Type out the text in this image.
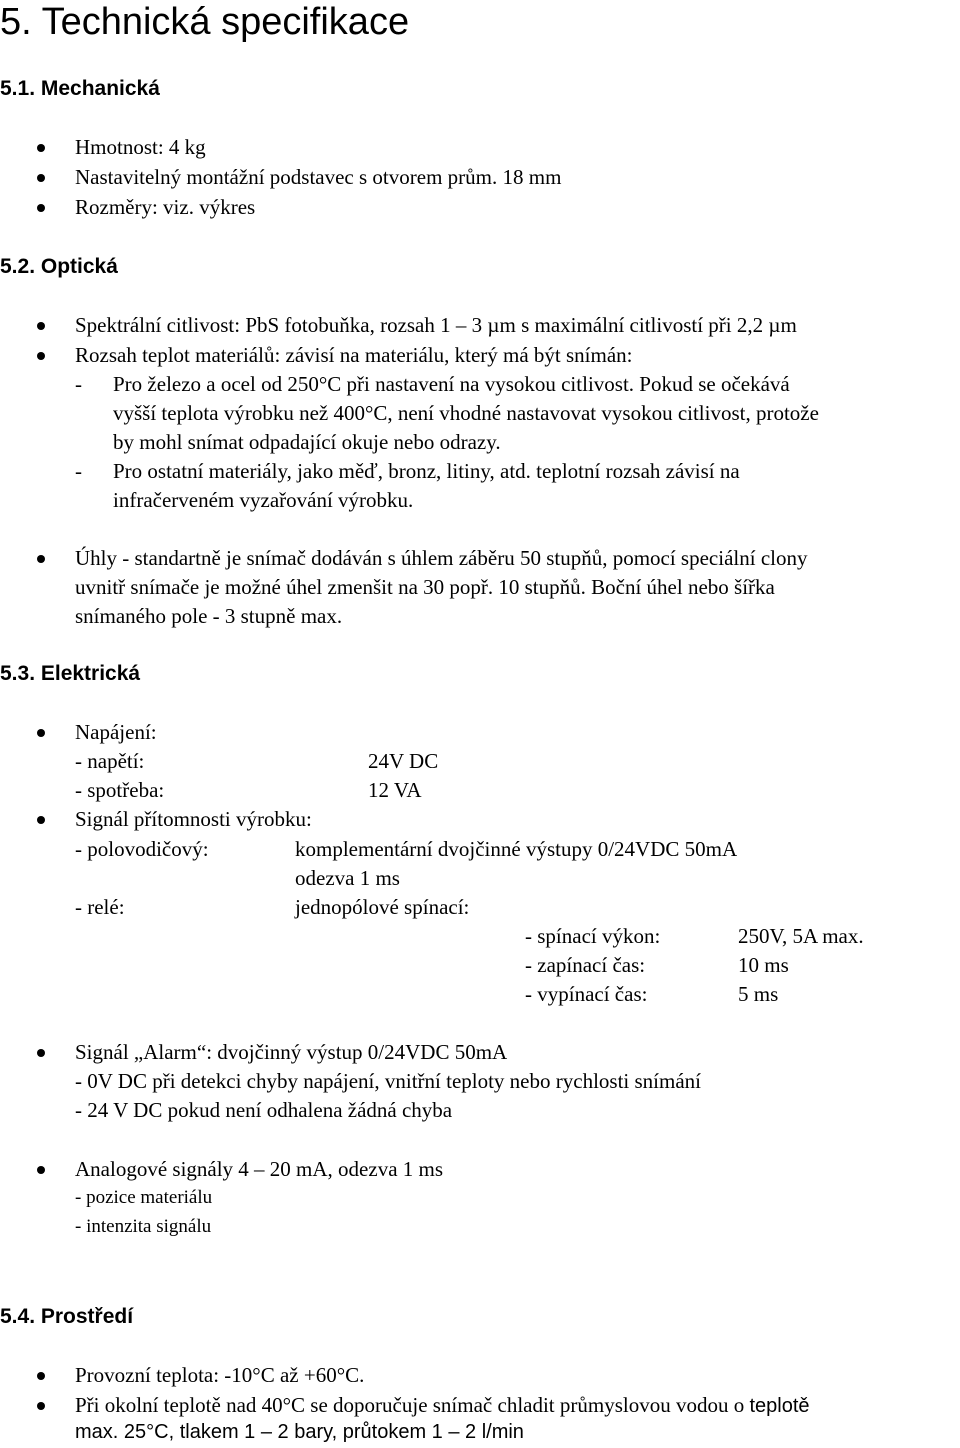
5. Technická specifikace
5.1. Mechanická
Hmotnost: 4 kg
Nastavitelný montážní podstavec s otvorem prům. 18 mm
Rozměry: viz. výkres
5.2. Optická
Spektrální citlivost: PbS fotobuňka, rozsah 1 – 3 µm s maximální citlivostí při 2,2 µm
Rozsah teplot materiálů: závisí na materiálu, který má být snímán:
- Pro železo a ocel od 250°C při nastavení na vysokou citlivost. Pokud se očekává
vyšší teplota výrobku než 400°C, není vhodné nastavovat vysokou citlivost, protože
by mohl snímat odpadající okuje nebo odrazy.
- Pro ostatní materiály, jako měď, bronz, litiny, atd. teplotní rozsah závisí na
infračerveném vyzařování výrobku.
Úhly - standartně je snímač dodáván s úhlem záběru 50 stupňů, pomocí speciální clony
uvnitř snímače je možné úhel zmenšit na 30 popř. 10 stupňů. Boční úhel nebo šířka
snímaného pole - 3 stupně max.
5.3. Elektrická
Napájení:
- napětí:	24V DC
- spotřeba:	12 VA
Signál přítomnosti výrobku:
- polovodičový:	komplementární dvojčinné výstupy 0/24VDC 50mA
odezva 1 ms
- relé:	jednopólové spínací:
- spínací výkon:	250V, 5A max.
- zapínací čas:	10 ms
- vypínací čas:	5 ms
Signál „Alarm“: dvojčinný výstup 0/24VDC 50mA
- 0V DC při detekci chyby napájení, vnitřní teploty nebo rychlosti snímání
- 24 V DC pokud není odhalena žádná chyba
Analogové signály 4 – 20 mA, odezva 1 ms
- pozice materiálu
- intenzita signálu
5.4. Prostředí
Provozní teplota: -10°C až +60°C.
Při okolní teplotě nad 40°C se doporučuje snímač chladit průmyslovou vodou o teplotě
max. 25°C, tlakem 1 – 2 bary, průtokem 1 – 2 l/min
